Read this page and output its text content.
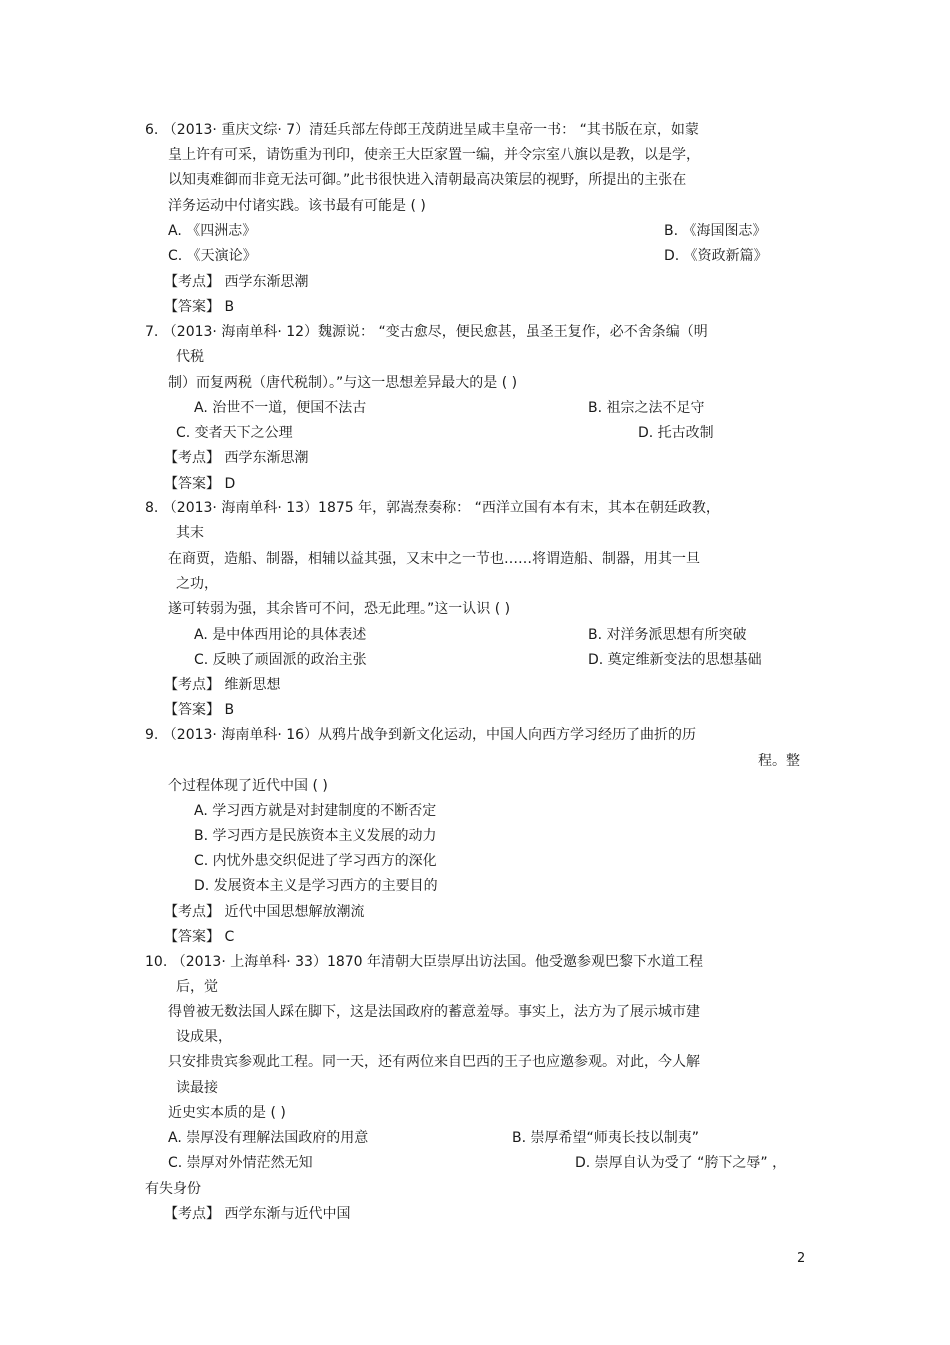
6. （2013· 重庆文综· 7）清廷兵部左侍郎王茂荫进呈咸丰皇帝一书： “其书版在京，如蒙
皇上许有可采，请饬重为刊印，使亲王大臣家置一编，并令宗室八旗以是教，以是学，
以知夷难御而非竟无法可御。”此书很快进入清朝最高决策层的视野，所提出的主张在
洋务运动中付诸实践。该书最有可能是 ( )
A. 《四洲志》	B. 《海国图志》
C. 《天演论》	D. 《资政新篇》
【考点】 西学东渐思潮
【答案】 B
7. （2013· 海南单科· 12）魏源说： “变古愈尽，便民愈甚，虽圣王复作，必不舍条编（明
代税
制）而复两税（唐代税制）。”与这一思想差异最大的是 ( )
A. 治世不一道，便国不法古	B. 祖宗之法不足守
C. 变者天下之公理	D. 托古改制
【考点】 西学东渐思潮
【答案】 D
8. （2013· 海南单科· 13）1875 年，郭嵩焘奏称： “西洋立国有本有末，其本在朝廷政教，
其末
在商贾，造船、制器，相辅以益其强，又末中之一节也……将谓造船、制器，用其一旦
之功，
遂可转弱为强，其余皆可不问，恐无此理。”这一认识 ( )
A. 是中体西用论的具体表述	B. 对洋务派思想有所突破
C. 反映了顽固派的政治主张	D. 奠定维新变法的思想基础
【考点】 维新思想
【答案】 B
9. （2013· 海南单科· 16）从鸦片战争到新文化运动，中国人向西方学习经历了曲折的历
程。整
个过程体现了近代中国 ( )
A. 学习西方就是对封建制度的不断否定
B. 学习西方是民族资本主义发展的动力
C. 内忧外患交织促进了学习西方的深化
D. 发展资本主义是学习西方的主要目的
【考点】 近代中国思想解放潮流
【答案】 C
10. （2013· 上海单科· 33）1870 年清朝大臣崇厚出访法国。他受邀参观巴黎下水道工程
后，觉
得曾被无数法国人踩在脚下，这是法国政府的蓄意羞辱。事实上，法方为了展示城市建
设成果，
只安排贵宾参观此工程。同一天，还有两位来自巴西的王子也应邀参观。对此，今人解
读最接
近史实本质的是 ( )
A. 崇厚没有理解法国政府的用意	B. 崇厚希望“师夷长技以制夷”
C. 崇厚对外情茫然无知	D. 崇厚自认为受了 “胯下之辱” ，
有失身份
【考点】 西学东渐与近代中国
2
